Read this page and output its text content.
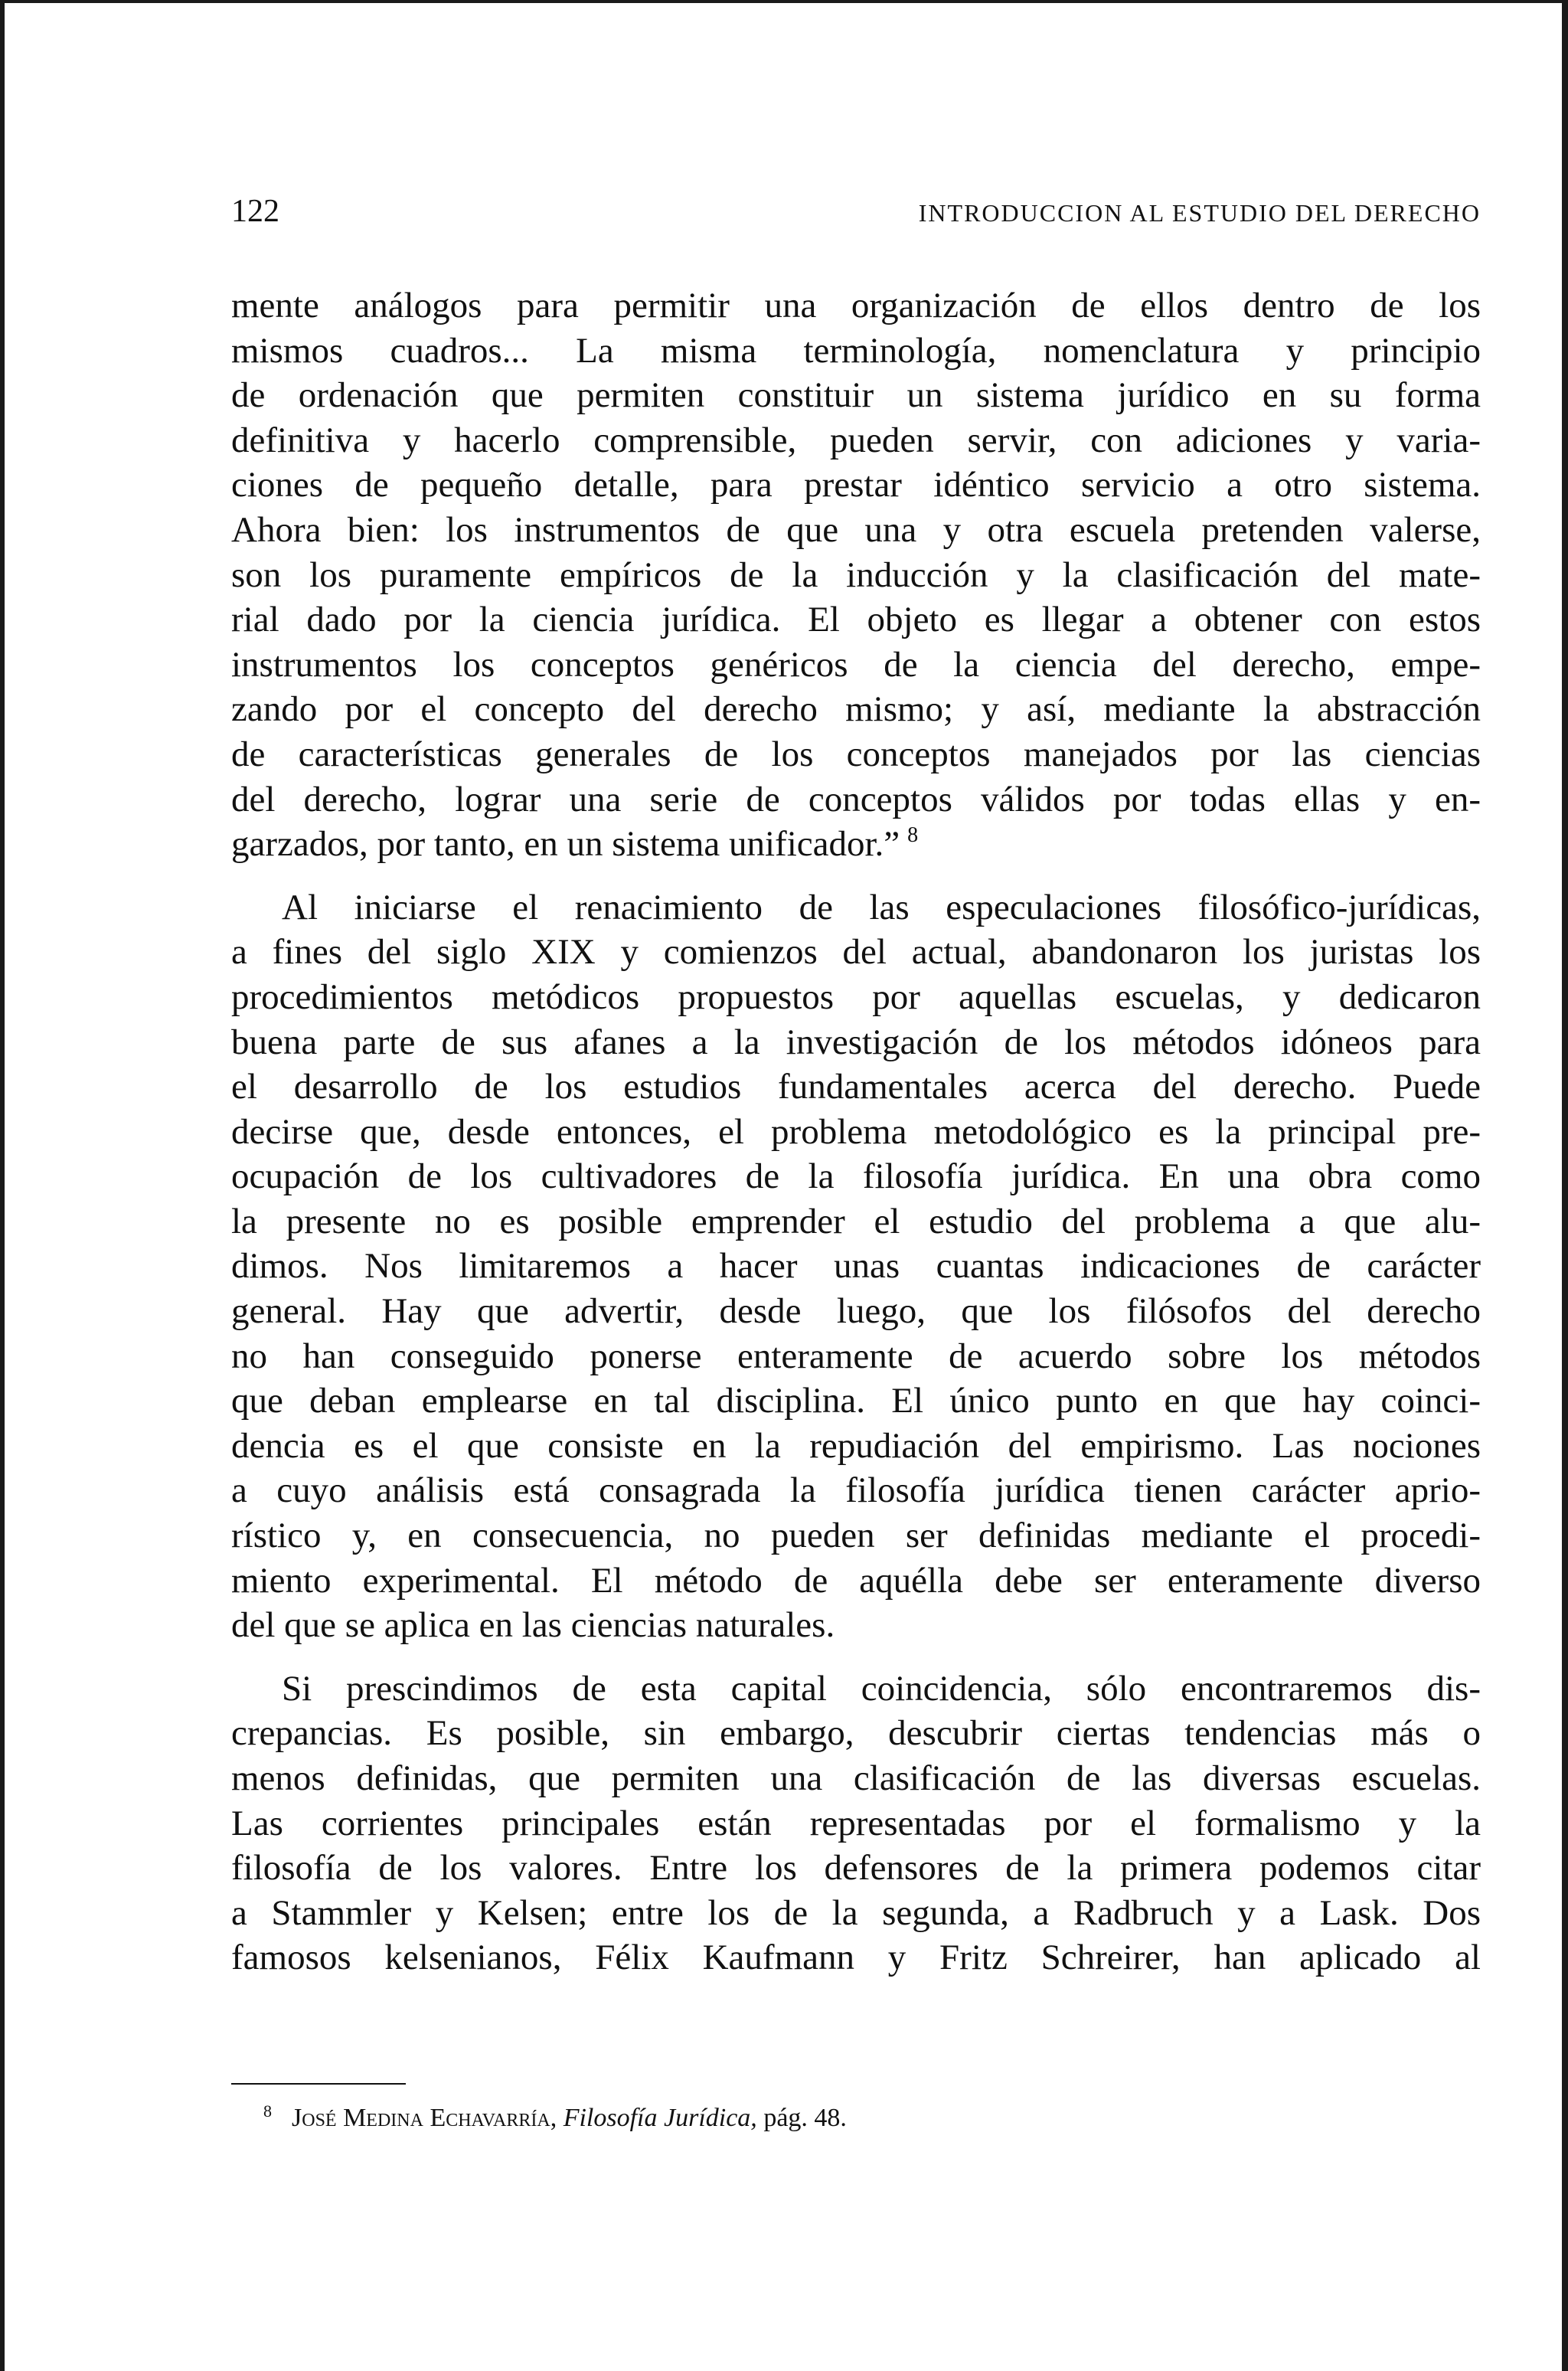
122	INTRODUCCION AL ESTUDIO DEL DERECHO
mente análogos para permitir una organización de ellos dentro de los
mismos cuadros... La misma terminología, nomenclatura y principio
de ordenación que permiten constituir un sistema jurídico en su forma
definitiva y hacerlo comprensible, pueden servir, con adiciones y varia-
ciones de pequeño detalle, para prestar idéntico servicio a otro sistema.
Ahora bien: los instrumentos de que una y otra escuela pretenden valerse,
son los puramente empíricos de la inducción y la clasificación del mate-
rial dado por la ciencia jurídica. El objeto es llegar a obtener con estos
instrumentos los conceptos genéricos de la ciencia del derecho, empe-
zando por el concepto del derecho mismo; y así, mediante la abstracción
de características generales de los conceptos manejados por las ciencias
del derecho, lograr una serie de conceptos válidos por todas ellas y en-
garzados, por tanto, en un sistema unificador.” $^8$
Al iniciarse el renacimiento de las especulaciones filosófico-jurídicas,
a fines del siglo XIX y comienzos del actual, abandonaron los juristas los
procedimientos metódicos propuestos por aquellas escuelas, y dedicaron
buena parte de sus afanes a la investigación de los métodos idóneos para
el desarrollo de los estudios fundamentales acerca del derecho. Puede
decirse que, desde entonces, el problema metodológico es la principal pre-
ocupación de los cultivadores de la filosofía jurídica. En una obra como
la presente no es posible emprender el estudio del problema a que alu-
dimos. Nos limitaremos a hacer unas cuantas indicaciones de carácter
general. Hay que advertir, desde luego, que los filósofos del derecho
no han conseguido ponerse enteramente de acuerdo sobre los métodos
que deban emplearse en tal disciplina. El único punto en que hay coinci-
dencia es el que consiste en la repudiación del empirismo. Las nociones
a cuyo análisis está consagrada la filosofía jurídica tienen carácter aprio-
rístico y, en consecuencia, no pueden ser definidas mediante el procedi-
miento experimental. El método de aquélla debe ser enteramente diverso
del que se aplica en las ciencias naturales.
Si prescindimos de esta capital coincidencia, sólo encontraremos dis-
crepancias. Es posible, sin embargo, descubrir ciertas tendencias más o
menos definidas, que permiten una clasificación de las diversas escuelas.
Las corrientes principales están representadas por el formalismo y la
filosofía de los valores. Entre los defensores de la primera podemos citar
a Stammler y Kelsen; entre los de la segunda, a Radbruch y a Lask. Dos
famosos kelsenianos, Félix Kaufmann y Fritz Schreirer, han aplicado al
$^8$ José Medina Echavarría, Filosofía Jurídica, pág. 48.
